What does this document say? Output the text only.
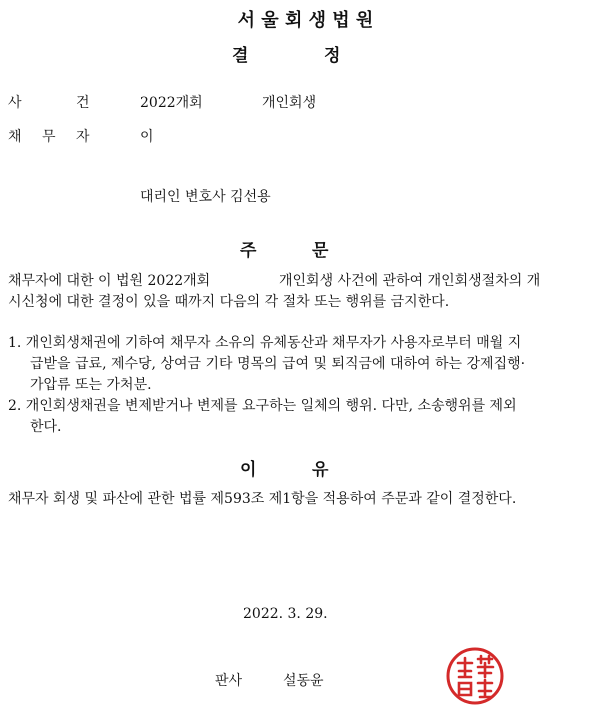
서 울 회 생 법 원
결	정
사	건	2022개회	개인회생
채 무 자	이
대리인 변호사 김선용
주	문
채무자에 대한 이 법원 2022개회	개인회생 사건에 관하여 개인회생절차의 개
시신청에 대한 결정이 있을 때까지 다음의 각 절차 또는 행위를 금지한다.
1. 개인회생채권에 기하여 채무자 소유의 유체동산과 채무자가 사용자로부터 매월 지
급받을 급료, 제수당, 상여금 기타 명목의 급여 및 퇴직금에 대하여 하는 강제집행·
가압류 또는 가처분.
2. 개인회생채권을 변제받거나 변제를 요구하는 일체의 행위. 다만, 소송행위를 제외
한다.
이	유
채무자 회생 및 파산에 관한 법률 제593조 제1항을 적용하여 주문과 같이 결정한다.
2022. 3. 29.
판사	설동윤
